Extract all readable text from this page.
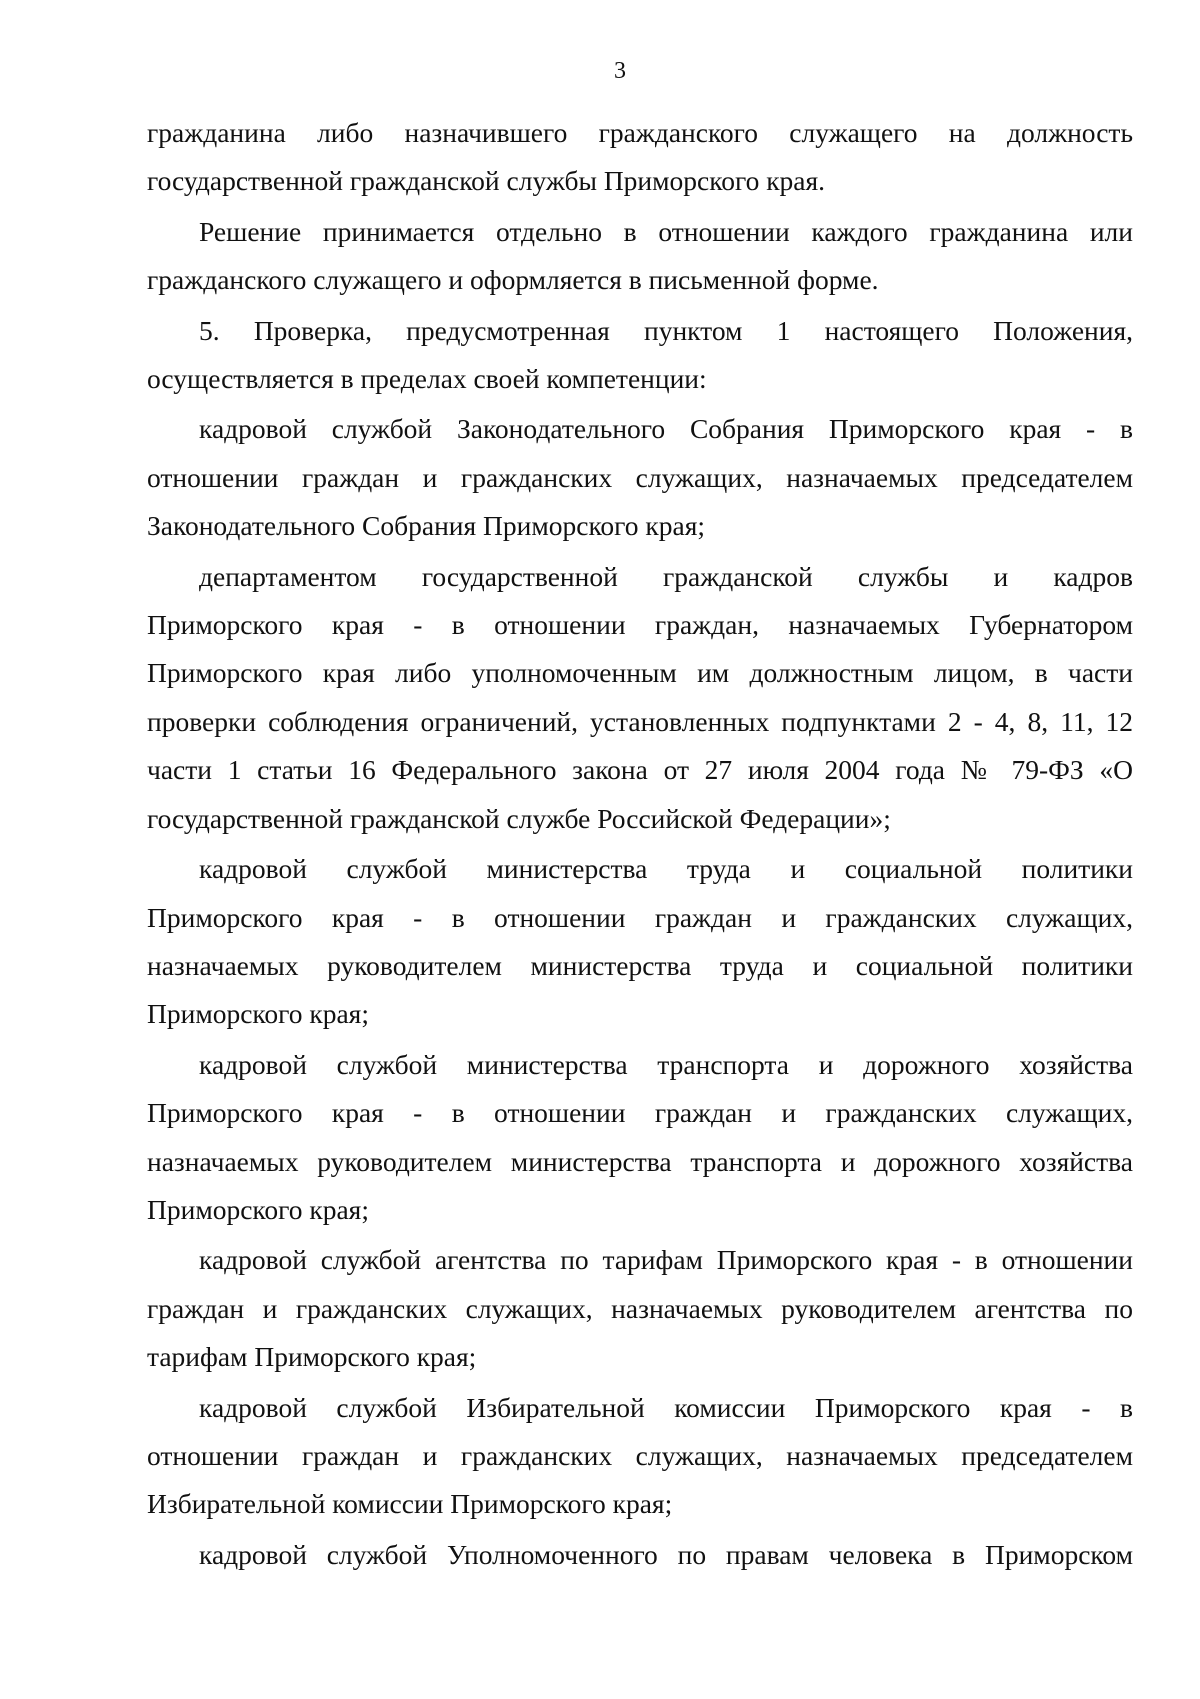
3
гражданина либо назначившего гражданского служащего на должность
государственной гражданской службы Приморского края.
Решение принимается отдельно в отношении каждого гражданина или
гражданского служащего и оформляется в письменной форме.
5. Проверка, предусмотренная пунктом 1 настоящего Положения,
осуществляется в пределах своей компетенции:
кадровой службой Законодательного Собрания Приморского края - в
отношении граждан и гражданских служащих, назначаемых председателем
Законодательного Собрания Приморского края;
департаментом государственной гражданской службы и кадров
Приморского края - в отношении граждан, назначаемых Губернатором
Приморского края либо уполномоченным им должностным лицом, в части
проверки соблюдения ограничений, установленных подпунктами 2 - 4, 8, 11, 12
части 1 статьи 16 Федерального закона от 27 июля 2004 года № 79-ФЗ «О
государственной гражданской службе Российской Федерации»;
кадровой службой министерства труда и социальной политики
Приморского края - в отношении граждан и гражданских служащих,
назначаемых руководителем министерства труда и социальной политики
Приморского края;
кадровой службой министерства транспорта и дорожного хозяйства
Приморского края - в отношении граждан и гражданских служащих,
назначаемых руководителем министерства транспорта и дорожного хозяйства
Приморского края;
кадровой службой агентства по тарифам Приморского края - в отношении
граждан и гражданских служащих, назначаемых руководителем агентства по
тарифам Приморского края;
кадровой службой Избирательной комиссии Приморского края - в
отношении граждан и гражданских служащих, назначаемых председателем
Избирательной комиссии Приморского края;
кадровой службой Уполномоченного по правам человека в Приморском
